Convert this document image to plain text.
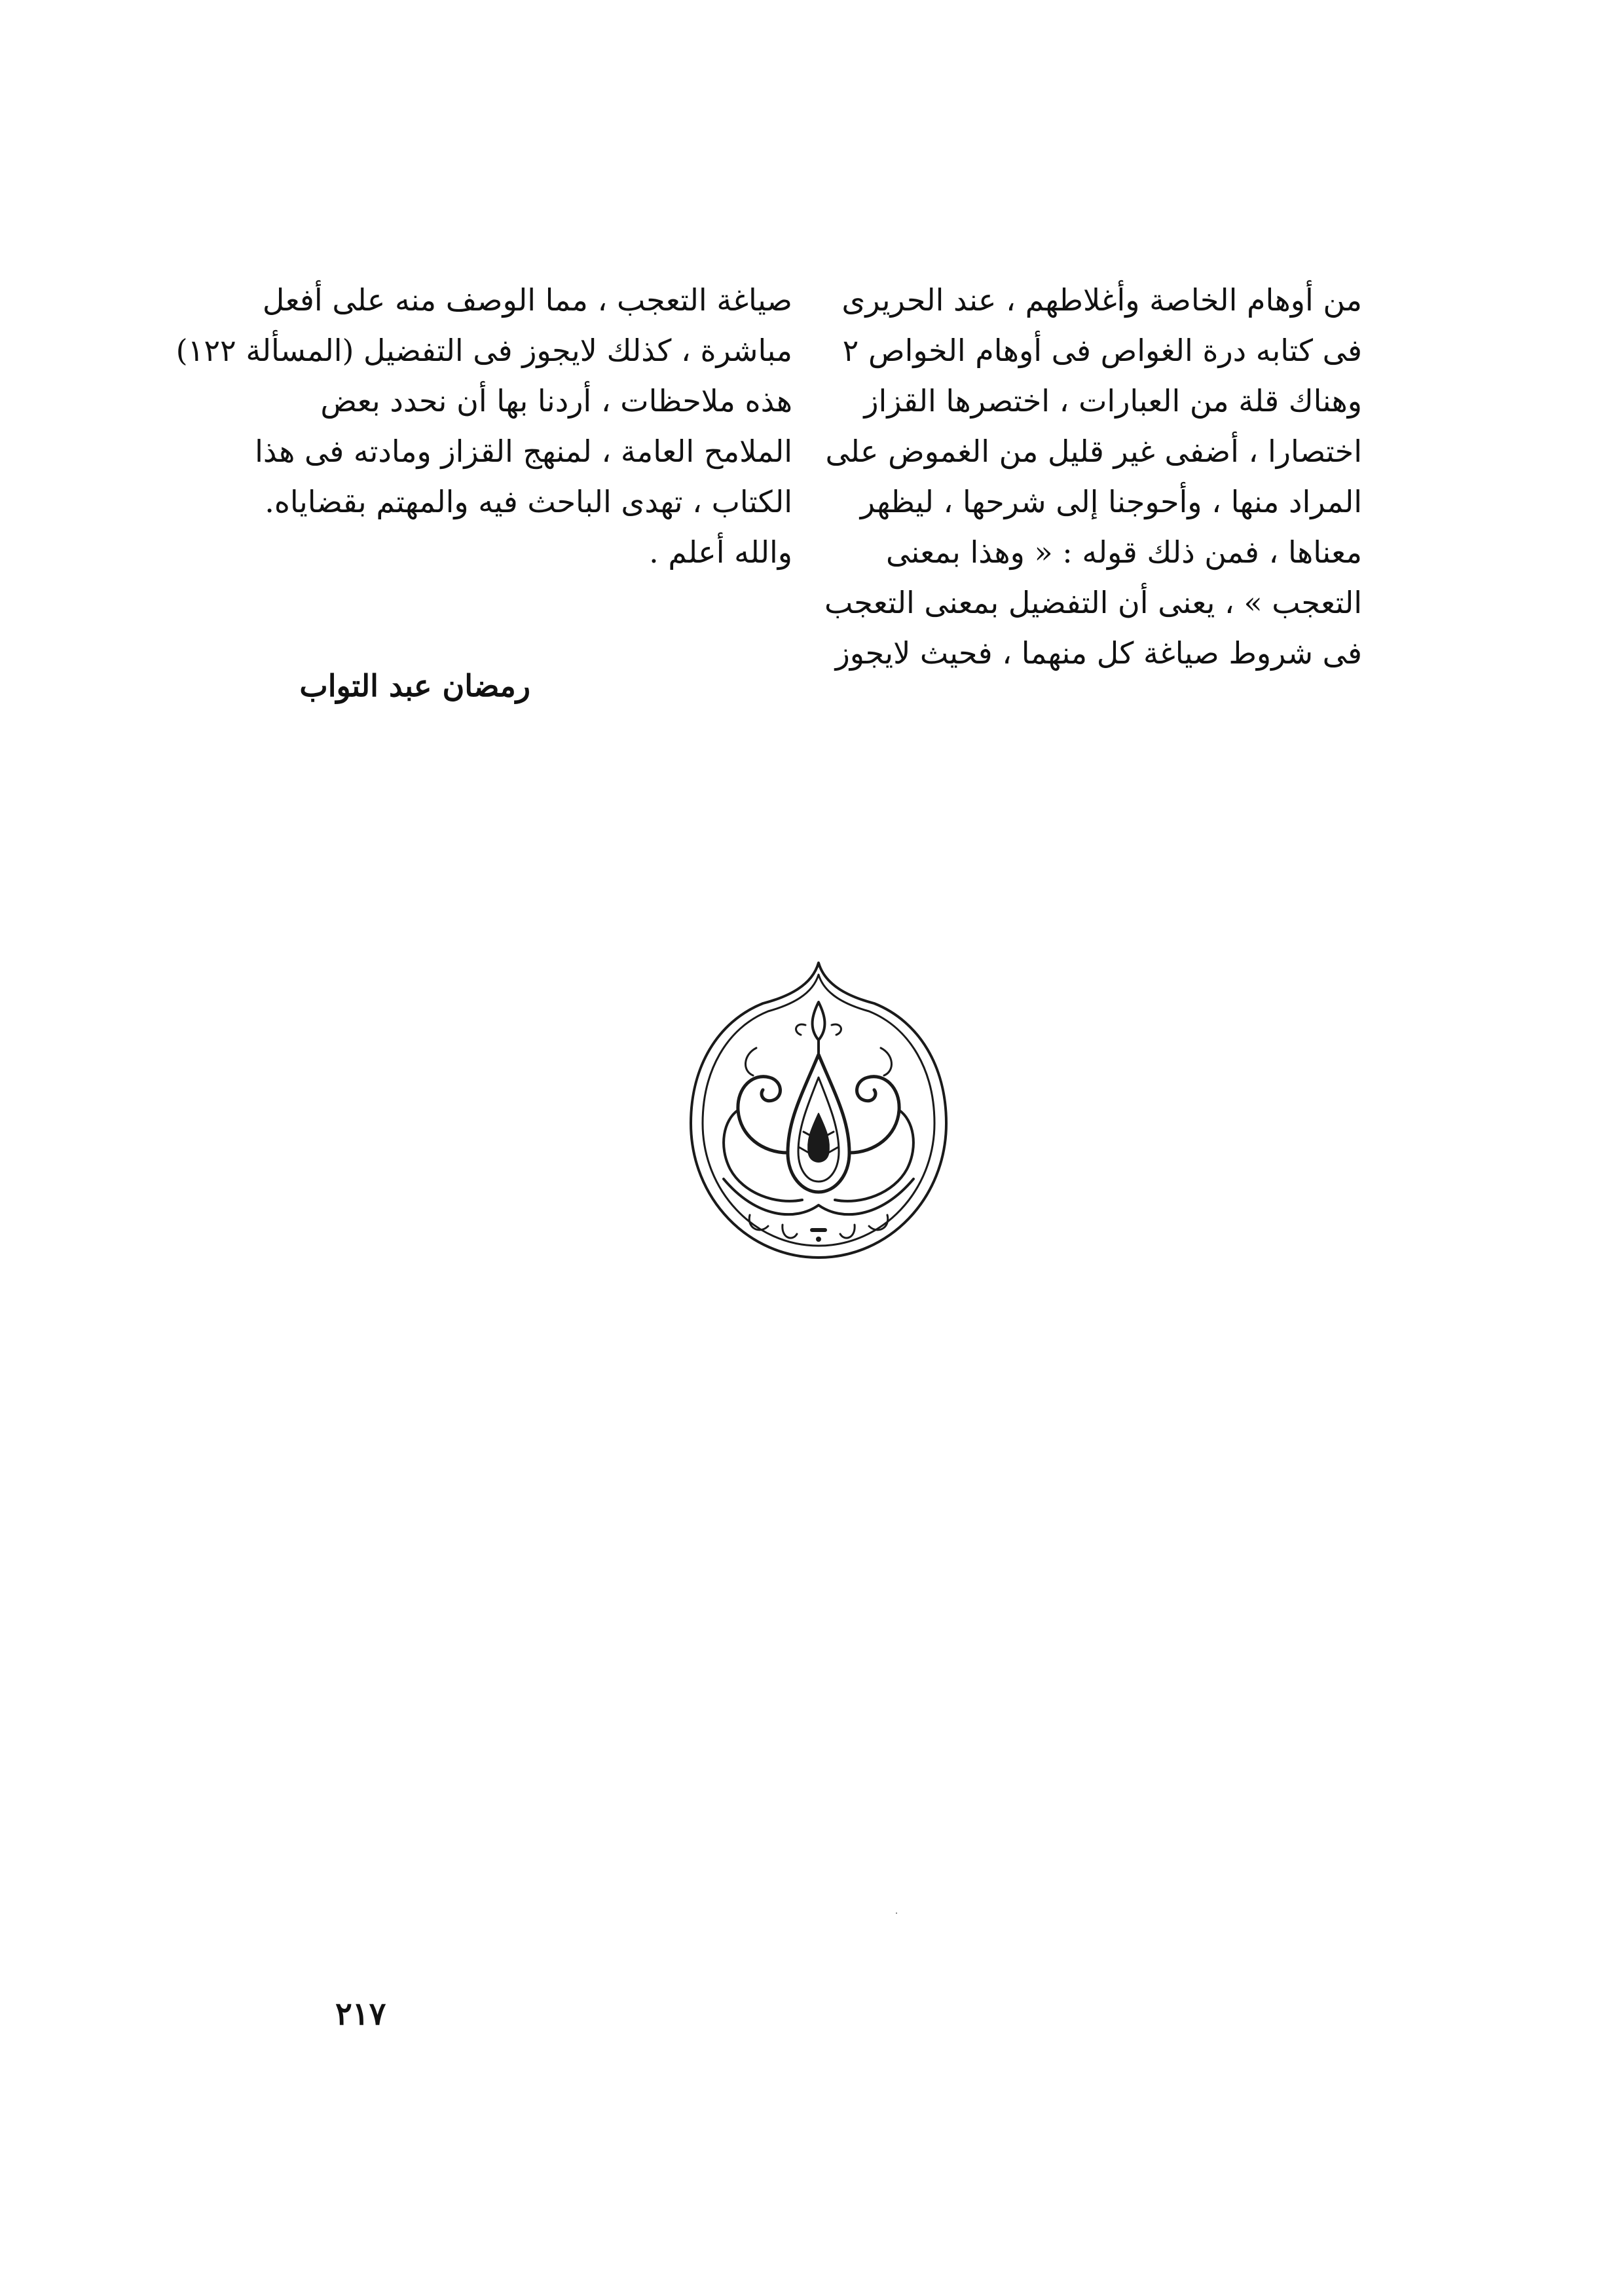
من أوهام الخاصة وأغلاطهم ، عند الحريرى
فى كتابه درة الغواص فى أوهام الخواص ٢
وهناك قلة من العبارات ، اختصرها القزاز
اختصارا ، أضفى غير قليل من الغموض على
المراد منها ، وأحوجنا إلى شرحها ، ليظهر
معناها ، فمن ذلك قوله : « وهذا بمعنى
التعجب » ، يعنى أن التفضيل بمعنى التعجب
فى شروط صياغة كل منهما ، فحيث لايجوز
صياغة التعجب ، مما الوصف منه على أفعل
مباشرة ، كذلك لايجوز فى التفضيل (المسألة ١٢٢)
هذه ملاحظات ، أردنا بها أن نحدد بعض
الملامح العامة ، لمنهج القزاز ومادته فى هذا
الكتاب ، تهدى الباحث فيه والمهتم بقضاياه.
والله أعلم .
رمضان عبد التواب
٢١٧
